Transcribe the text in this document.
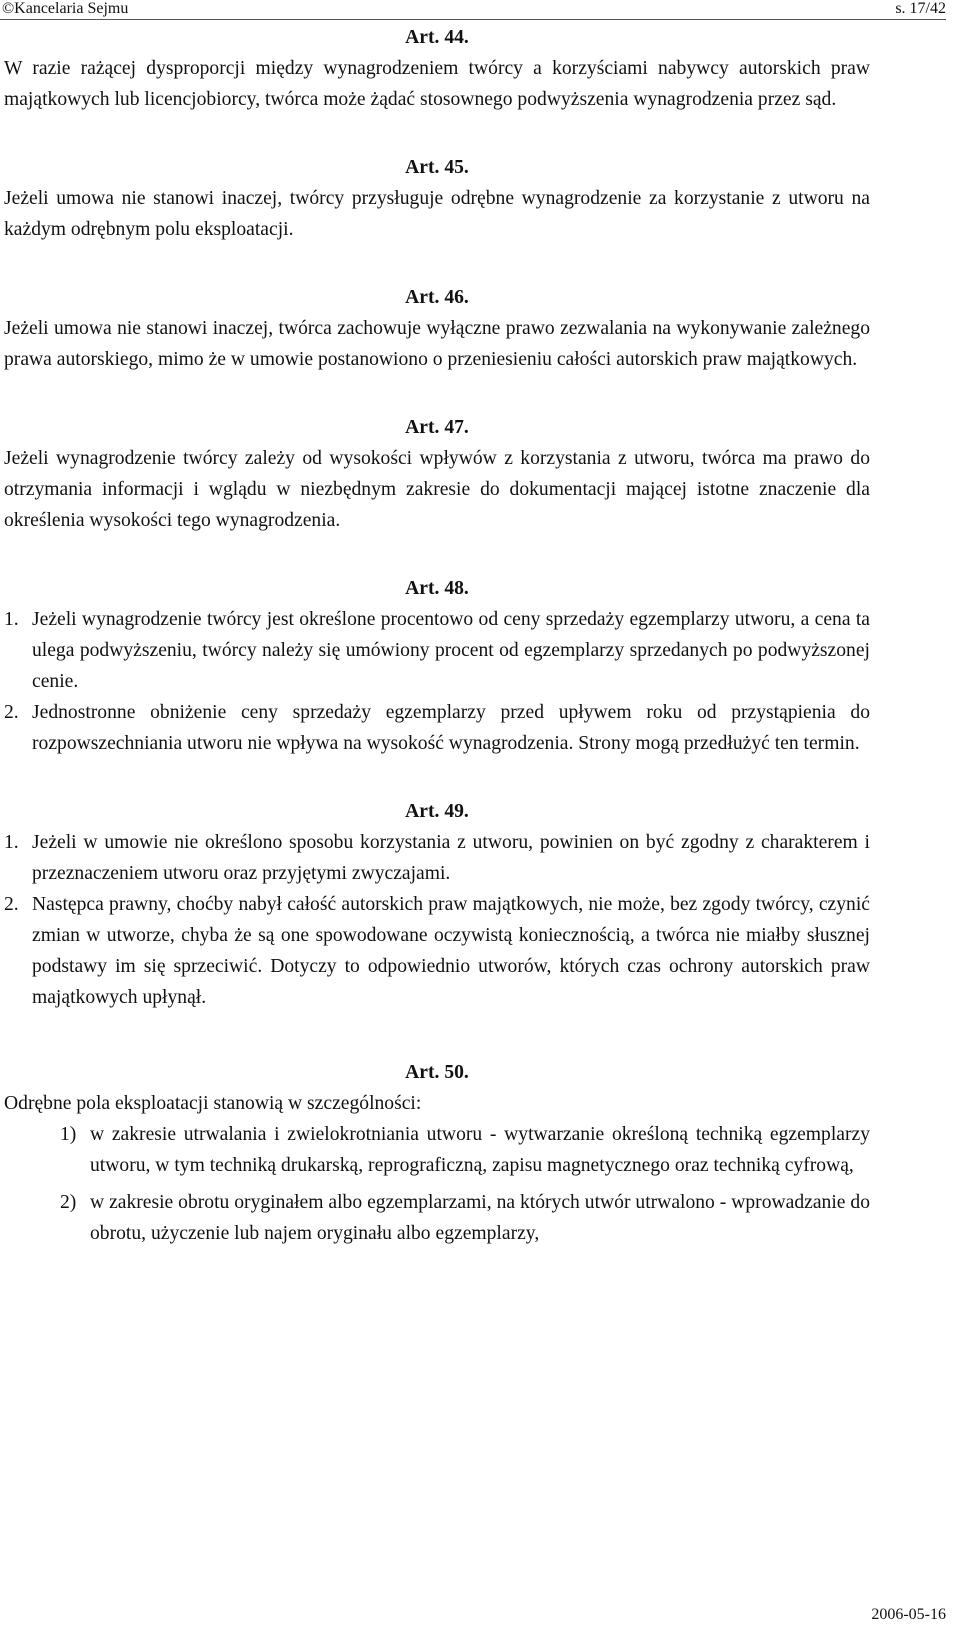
©Kancelaria Sejmu	s. 17/42

Art. 44.

W razie rażącej dysproporcji między wynagrodzeniem twórcy a korzyściami nabywcy autorskich praw majątkowych lub licencjobiorcy, twórca może żądać stosownego podwyższenia wynagrodzenia przez sąd.

Art. 45.

Jeżeli umowa nie stanowi inaczej, twórcy przysługuje odrębne wynagrodzenie za korzystanie z utworu na każdym odrębnym polu eksploatacji.

Art. 46.

Jeżeli umowa nie stanowi inaczej, twórca zachowuje wyłączne prawo zezwalania na wykonywanie zależnego prawa autorskiego, mimo że w umowie postanowiono o przeniesieniu całości autorskich praw majątkowych.

Art. 47.

Jeżeli wynagrodzenie twórcy zależy od wysokości wpływów z korzystania z utworu, twórca ma prawo do otrzymania informacji i wglądu w niezbędnym zakresie do dokumentacji mającej istotne znaczenie dla określenia wysokości tego wynagrodzenia.

Art. 48.

1. Jeżeli wynagrodzenie twórcy jest określone procentowo od ceny sprzedaży egzemplarzy utworu, a cena ta ulega podwyższeniu, twórcy należy się umówiony procent od egzemplarzy sprzedanych po podwyższonej cenie.
2. Jednostronne obniżenie ceny sprzedaży egzemplarzy przed upływem roku od przystąpienia do rozpowszechniania utworu nie wpływa na wysokość wynagrodzenia. Strony mogą przedłużyć ten termin.

Art. 49.

1. Jeżeli w umowie nie określono sposobu korzystania z utworu, powinien on być zgodny z charakterem i przeznaczeniem utworu oraz przyjętymi zwyczajami.
2. Następca prawny, choćby nabył całość autorskich praw majątkowych, nie może, bez zgody twórcy, czynić zmian w utworze, chyba że są one spowodowane oczywistą koniecznością, a twórca nie miałby słusznej podstawy im się sprzeciwić. Dotyczy to odpowiednio utworów, których czas ochrony autorskich praw majątkowych upłynął.

Art. 50.

Odrębne pola eksploatacji stanowią w szczególności:

1) w zakresie utrwalania i zwielokrotniania utworu - wytwarzanie określoną techniką egzemplarzy utworu, w tym techniką drukarską, reprograficzną, zapisu magnetycznego oraz techniką cyfrową,
2) w zakresie obrotu oryginałem albo egzemplarzami, na których utwór utrwalono - wprowadzanie do obrotu, użyczenie lub najem oryginału albo egzemplarzy,
2006-05-16
